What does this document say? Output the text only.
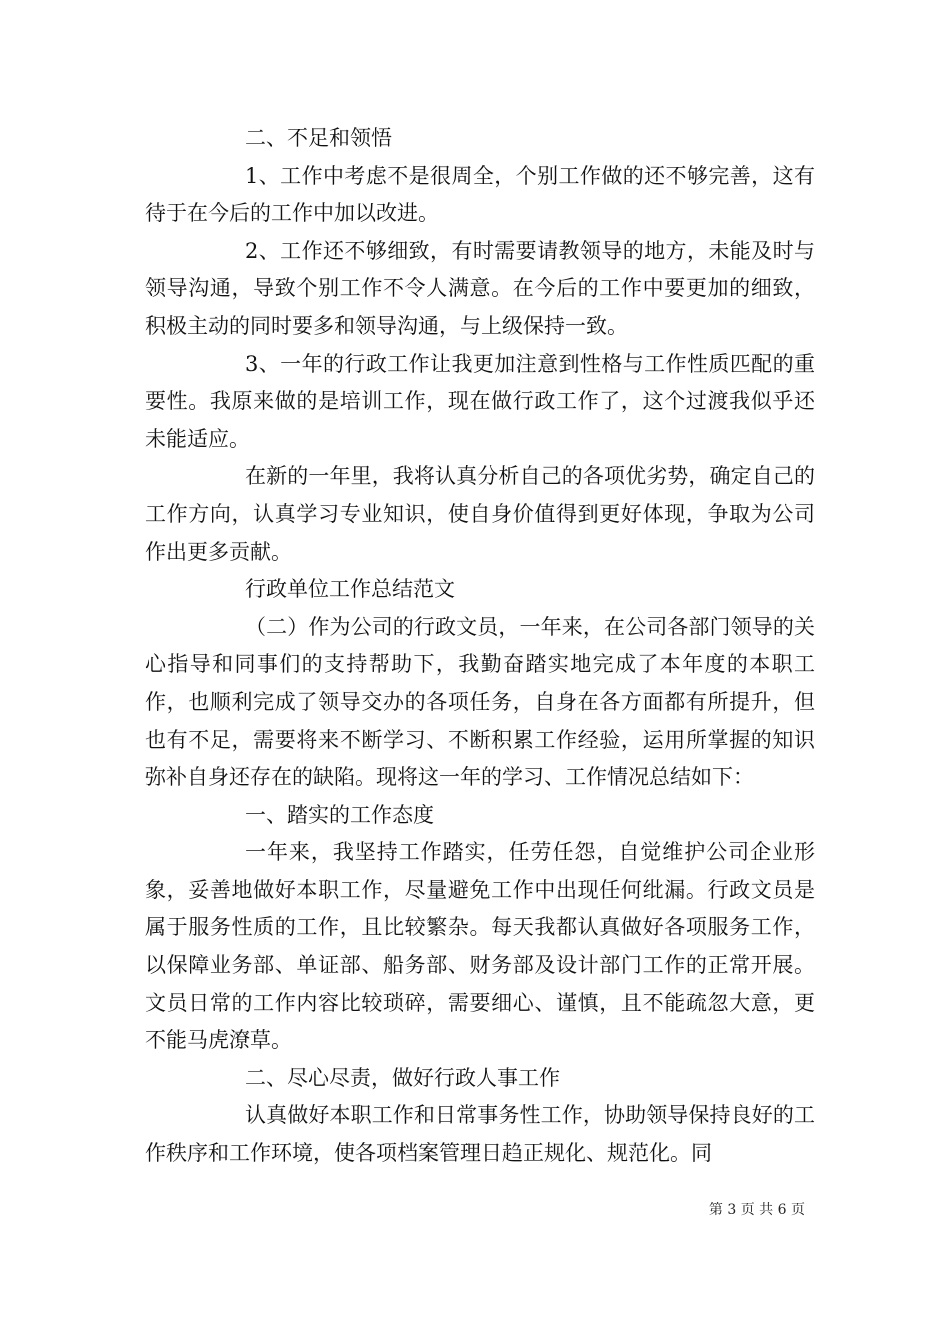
二、不足和领悟

1、工作中考虑不是很周全，个别工作做的还不够完善，这有待于在今后的工作中加以改进。

2、工作还不够细致，有时需要请教领导的地方，未能及时与领导沟通，导致个别工作不令人满意。在今后的工作中要更加的细致，积极主动的同时要多和领导沟通，与上级保持一致。

3、一年的行政工作让我更加注意到性格与工作性质匹配的重要性。我原来做的是培训工作，现在做行政工作了，这个过渡我似乎还未能适应。

在新的一年里，我将认真分析自己的各项优劣势，确定自己的工作方向，认真学习专业知识，使自身价值得到更好体现，争取为公司作出更多贡献。

行政单位工作总结范文

（二）作为公司的行政文员，一年来，在公司各部门领导的关心指导和同事们的支持帮助下，我勤奋踏实地完成了本年度的本职工作，也顺利完成了领导交办的各项任务，自身在各方面都有所提升，但也有不足，需要将来不断学习、不断积累工作经验，运用所掌握的知识弥补自身还存在的缺陷。现将这一年的学习、工作情况总结如下：

一、踏实的工作态度

一年来，我坚持工作踏实，任劳任怨，自觉维护公司企业形象，妥善地做好本职工作，尽量避免工作中出现任何纰漏。行政文员是属于服务性质的工作，且比较繁杂。每天我都认真做好各项服务工作，以保障业务部、单证部、船务部、财务部及设计部门工作的正常开展。文员日常的工作内容比较琐碎，需要细心、谨慎，且不能疏忽大意，更不能马虎潦草。

二、尽心尽责，做好行政人事工作

认真做好本职工作和日常事务性工作，协助领导保持良好的工作秩序和工作环境，使各项档案管理日趋正规化、规范化。同

第 3 页 共 6 页
